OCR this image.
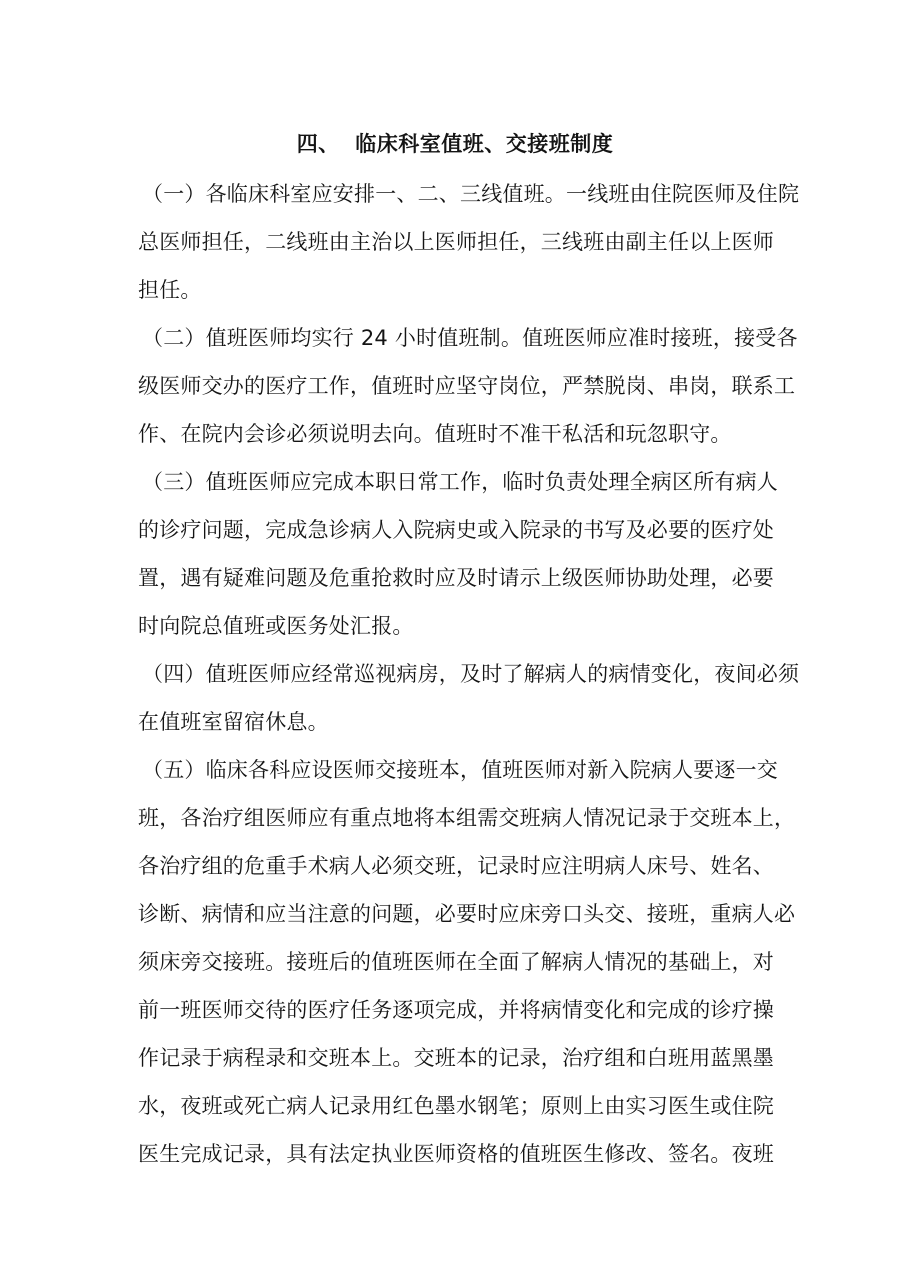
四、  临床科室值班、交接班制度
（一）各临床科室应安排一、二、三线值班。一线班由住院医师及住院
总医师担任，二线班由主治以上医师担任，三线班由副主任以上医师
担任。
（二）值班医师均实行 24 小时值班制。值班医师应准时接班，接受各
级医师交办的医疗工作，值班时应坚守岗位，严禁脱岗、串岗，联系工
作、在院内会诊必须说明去向。值班时不准干私活和玩忽职守。
（三）值班医师应完成本职日常工作，临时负责处理全病区所有病人
的诊疗问题，完成急诊病人入院病史或入院录的书写及必要的医疗处
置，遇有疑难问题及危重抢救时应及时请示上级医师协助处理，必要
时向院总值班或医务处汇报。
（四）值班医师应经常巡视病房，及时了解病人的病情变化，夜间必须
在值班室留宿休息。
（五）临床各科应设医师交接班本，值班医师对新入院病人要逐一交
班，各治疗组医师应有重点地将本组需交班病人情况记录于交班本上，
各治疗组的危重手术病人必须交班，记录时应注明病人床号、姓名、
诊断、病情和应当注意的问题，必要时应床旁口头交、接班，重病人必
须床旁交接班。接班后的值班医师在全面了解病人情况的基础上，对
前一班医师交待的医疗任务逐项完成，并将病情变化和完成的诊疗操
作记录于病程录和交班本上。交班本的记录，治疗组和白班用蓝黑墨
水，夜班或死亡病人记录用红色墨水钢笔；原则上由实习医生或住院
医生完成记录，具有法定执业医师资格的值班医生修改、签名。夜班
